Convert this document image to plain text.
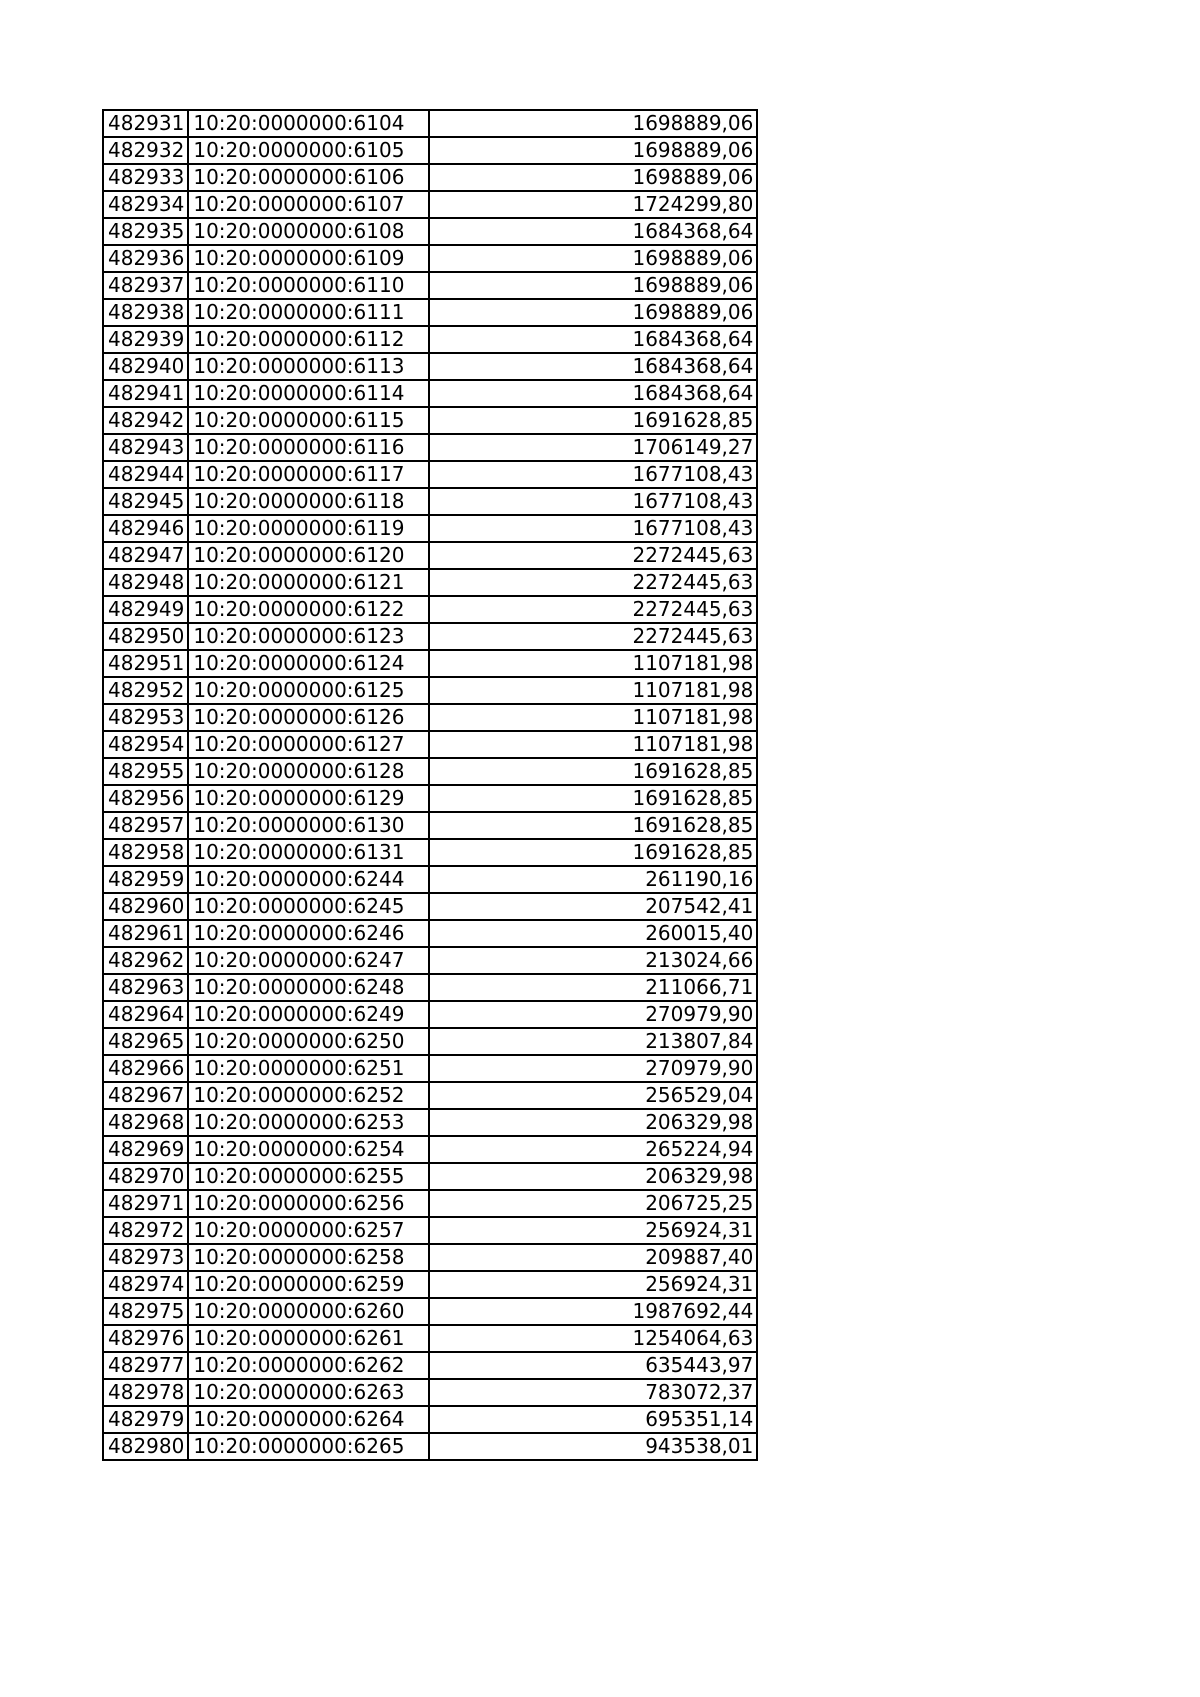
482931	10:20:0000000:6104	1698889,06
482932	10:20:0000000:6105	1698889,06
482933	10:20:0000000:6106	1698889,06
482934	10:20:0000000:6107	1724299,80
482935	10:20:0000000:6108	1684368,64
482936	10:20:0000000:6109	1698889,06
482937	10:20:0000000:6110	1698889,06
482938	10:20:0000000:6111	1698889,06
482939	10:20:0000000:6112	1684368,64
482940	10:20:0000000:6113	1684368,64
482941	10:20:0000000:6114	1684368,64
482942	10:20:0000000:6115	1691628,85
482943	10:20:0000000:6116	1706149,27
482944	10:20:0000000:6117	1677108,43
482945	10:20:0000000:6118	1677108,43
482946	10:20:0000000:6119	1677108,43
482947	10:20:0000000:6120	2272445,63
482948	10:20:0000000:6121	2272445,63
482949	10:20:0000000:6122	2272445,63
482950	10:20:0000000:6123	2272445,63
482951	10:20:0000000:6124	1107181,98
482952	10:20:0000000:6125	1107181,98
482953	10:20:0000000:6126	1107181,98
482954	10:20:0000000:6127	1107181,98
482955	10:20:0000000:6128	1691628,85
482956	10:20:0000000:6129	1691628,85
482957	10:20:0000000:6130	1691628,85
482958	10:20:0000000:6131	1691628,85
482959	10:20:0000000:6244	261190,16
482960	10:20:0000000:6245	207542,41
482961	10:20:0000000:6246	260015,40
482962	10:20:0000000:6247	213024,66
482963	10:20:0000000:6248	211066,71
482964	10:20:0000000:6249	270979,90
482965	10:20:0000000:6250	213807,84
482966	10:20:0000000:6251	270979,90
482967	10:20:0000000:6252	256529,04
482968	10:20:0000000:6253	206329,98
482969	10:20:0000000:6254	265224,94
482970	10:20:0000000:6255	206329,98
482971	10:20:0000000:6256	206725,25
482972	10:20:0000000:6257	256924,31
482973	10:20:0000000:6258	209887,40
482974	10:20:0000000:6259	256924,31
482975	10:20:0000000:6260	1987692,44
482976	10:20:0000000:6261	1254064,63
482977	10:20:0000000:6262	635443,97
482978	10:20:0000000:6263	783072,37
482979	10:20:0000000:6264	695351,14
482980	10:20:0000000:6265	943538,01
